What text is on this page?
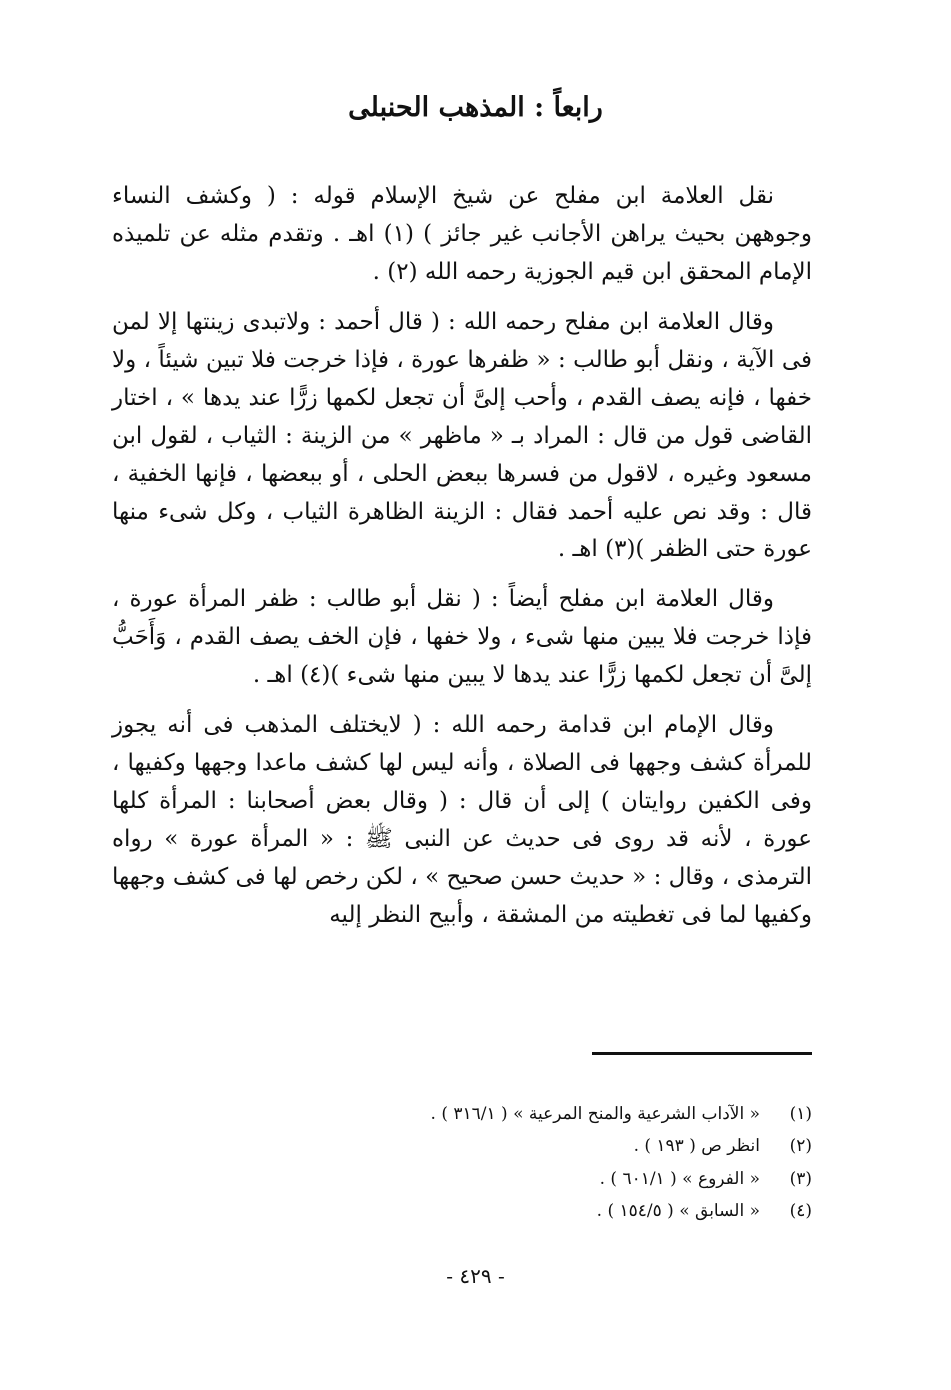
رابعاً : المذهب الحنبلى

نقل العلامة ابن مفلح عن شيخ الإسلام قوله : ( وكشف النساء وجوههن بحيث يراهن الأجانب غير جائز ) (١) اهـ . وتقدم مثله عن تلميذه الإمام المحقق ابن قيم الجوزية رحمه الله (٢) .

وقال العلامة ابن مفلح رحمه الله : ( قال أحمد : ولاتبدى زينتها إلا لمن فى الآية ، ونقل أبو طالب : « ظفرها عورة ، فإذا خرجت فلا تبين شيئاً ، ولا خفها ، فإنه يصف القدم ، وأحب إلىَّ أن تجعل لكمها زرًّا عند يدها » ، اختار القاضى قول من قال : المراد بـ « ماظهر » من الزينة : الثياب ، لقول ابن مسعود وغيره ، لاقول من فسرها ببعض الحلى ، أو ببعضها ، فإنها الخفية ، قال : وقد نص عليه أحمد فقال : الزينة الظاهرة الثياب ، وكل شىء منها عورة حتى الظفر )(٣) اهـ .

وقال العلامة ابن مفلح أيضاً : ( نقل أبو طالب : ظفر المرأة عورة ، فإذا خرجت فلا يبين منها شىء ، ولا خفها ، فإن الخف يصف القدم ، وَأَحَبُّ إلىَّ أن تجعل لكمها زرًّا عند يدها لا يبين منها شىء )(٤) اهـ .

وقال الإمام ابن قدامة رحمه الله : ( لايختلف المذهب فى أنه يجوز للمرأة كشف وجهها فى الصلاة ، وأنه ليس لها كشف ماعدا وجهها وكفيها ، وفى الكفين روايتان ) إلى أن قال : ( وقال بعض أصحابنا : المرأة كلها عورة ، لأنه قد روى فى حديث عن النبى ﷺ : « المرأة عورة » رواه الترمذى ، وقال : « حديث حسن صحيح » ، لكن رخص لها فى كشف وجهها وكفيها لما فى تغطيته من المشقة ، وأبيح النظر إليه

(١)« الآداب الشرعية والمنح المرعية » ( ٣١٦/١ ) .
(٢)انظر ص ( ١٩٣ ) .
(٣)« الفروع » ( ٦٠١/١ ) .
(٤)« السابق » ( ١٥٤/٥ ) .
- ٤٢٩ -
